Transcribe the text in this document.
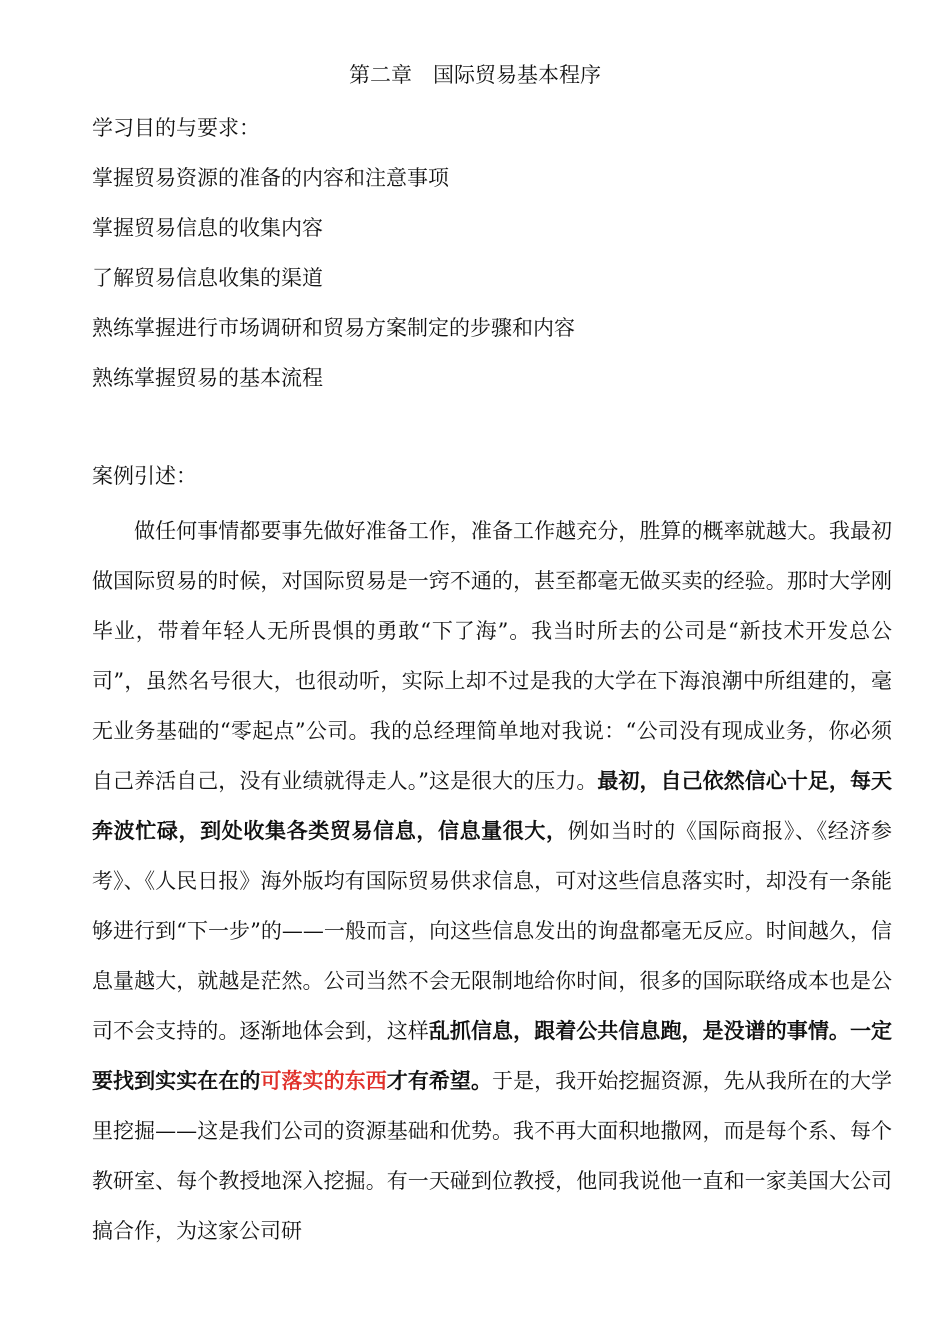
第二章　国际贸易基本程序
学习目的与要求：
掌握贸易资源的准备的内容和注意事项
掌握贸易信息的收集内容
了解贸易信息收集的渠道
熟练掌握进行市场调研和贸易方案制定的步骤和内容
熟练掌握贸易的基本流程
案例引述：

做任何事情都要事先做好准备工作，准备工作越充分，胜算的概率就越大。我最初做国际贸易的时候，对国际贸易是一窍不通的，甚至都毫无做买卖的经验。那时大学刚毕业，带着年轻人无所畏惧的勇敢“下了海”。我当时所去的公司是“新技术开发总公司”，虽然名号很大，也很动听，实际上却不过是我的大学在下海浪潮中所组建的，毫无业务基础的“零起点”公司。我的总经理简单地对我说：“公司没有现成业务，你必须自己养活自己，没有业绩就得走人。”这是很大的压力。最初，自己依然信心十足，每天奔波忙碌，到处收集各类贸易信息，信息量很大，例如当时的《国际商报》、《经济参考》、《人民日报》海外版均有国际贸易供求信息，可对这些信息落实时，却没有一条能够进行到“下一步”的——一般而言，向这些信息发出的询盘都毫无反应。时间越久，信息量越大，就越是茫然。公司当然不会无限制地给你时间，很多的国际联络成本也是公司不会支持的。逐渐地体会到，这样乱抓信息，跟着公共信息跑，是没谱的事情。一定要找到实实在在的可落实的东西才有希望。于是，我开始挖掘资源，先从我所在的大学里挖掘——这是我们公司的资源基础和优势。我不再大面积地撒网，而是每个系、每个教研室、每个教授地深入挖掘。有一天碰到位教授，他同我说他一直和一家美国大公司搞合作，为这家公司研
